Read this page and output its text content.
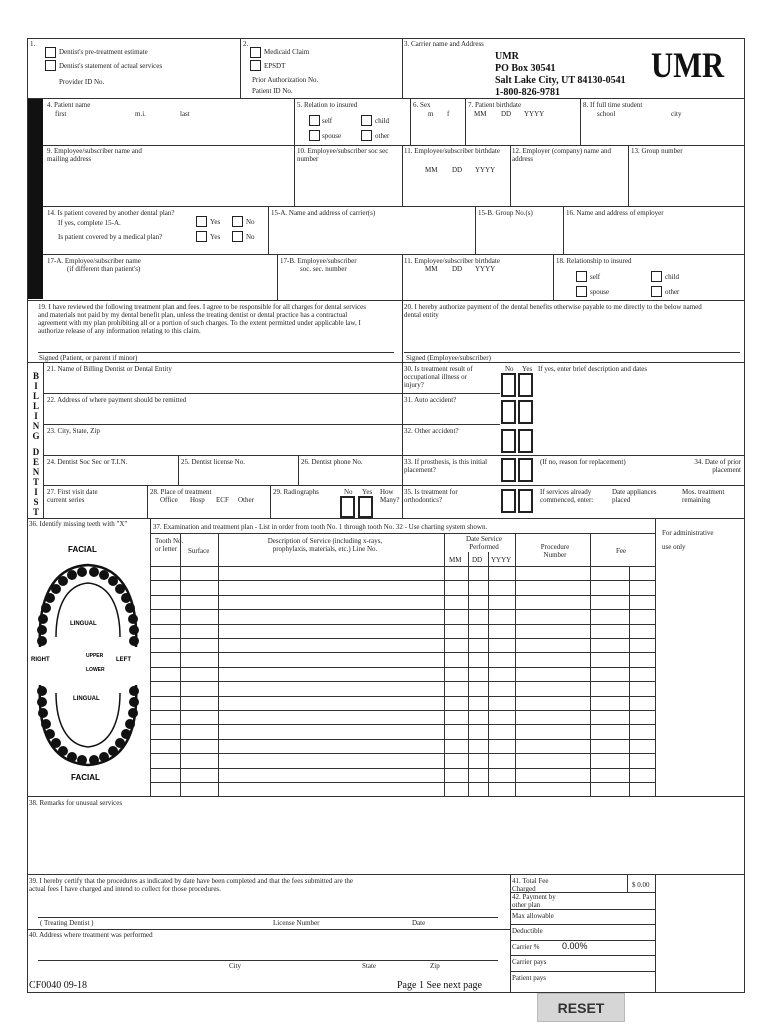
1.
Dentist's pre-treatment estimate
Dentist's statement of actual services
Provider ID No.
2.
Medicaid Claim
EPSDT
Prior Authorization No.
Patient ID No.
3. Carrier name and Address
UMR
PO Box 30541
Salt Lake City, UT 84130-0541
1-800-826-9781
UMR
4. Patient name
first	m.i.	last
5. Relation to insured
self	child
spouse	other
6. Sex
m f
7. Patient birthdate
MM DD YYYY
8. If full time student
school	city
9. Employee/subscriber name and mailing address
10. Employee/subscriber soc sec number
11. Employee/subscriber birthdate
MM DD YYYY
12. Employer (company) name and address
13. Group number
14. Is patient covered by another dental plan?
If yes, complete 15-A.
Is patient covered by a medical plan?
Yes	No
Yes	No
15-A. Name and address of carrier(s)	15-B. Group No.(s)	16. Name and address of employer
17-A. Employee/subscriber name
(if different than patient's)
17-B. Employee/subscriber
soc. sec. number
11. Employee/subscriber birthdate
MM DD YYYY
18. Relationship to insured
self	child
spouse	other
19. I have reviewed the following treatment plan and fees. I agree to be responsible for all charges for dental services and materials not paid by my dental benefit plan, unless the treating dentist or dental practice has a contractual agreement with my plan prohibiting all or a portion of such charges. To the extent permitted under applicable law, I authorize release of any information relating to this claim.
20. I hereby authorize payment of the dental benefits otherwise payable to me directly to the below named dental entity
Signed (Patient, or parent if minor)	Signed (Employee/subscriber)
B
I
L
L
I
N
G
D
E
N
T
I
S
T
21. Name of Billing Dentist or Dental Entity
22. Address of where payment should be remitted
23. City, State, Zip
30. Is treatment result of occupational illness or injury?
No Yes If yes, enter brief description and dates
31. Auto accident?
32. Other accident?
24. Dentist Soc Sec or T.I.N.	25. Dentist license No.	26. Dentist phone No.	33. If prosthesis, is this initial placement?
(If no, reason for replacement)	34. Date of prior placement
27. First visit date current series
28. Place of treatment
Office Hosp ECF Other
29. Radiographs	No Yes How Many?
35. Is treatment for orthodontics?
If services already commenced, enter:
Date appliances placed
Mos. treatment remaining
36. Identify missing teeth with "X"	37. Examination and treatment plan - List in order from tooth No. 1 through tooth No. 32 - Use charting system shown.
For administrative use only
Tooth No. or letter	Surface
Description of Service (including x-rays, prophylaxis, materials, etc.) Line No.
Date Service Performed
MM DD YYYY
Procedure Number	Fee
FACIAL
LINGUAL
RIGHT	LEFT
UPPER
LOWER
LINGUAL
FACIAL
38. Remarks for unusual services
39. I hereby certify that the procedures as indicated by date have been completed and that the fees submitted are the actual fees I have charged and intend to collect for those procedures.
( Treating Dentist )	License Number	Date
40. Address where treatment was performed
City	State	Zip
41. Total Fee Charged	$ 0.00
42. Payment by other plan
Max allowable
Deductible
Carrier %	0.00%
Carrier pays
Patient pays
CF0040 09-18	Page 1 See next page
RESET
